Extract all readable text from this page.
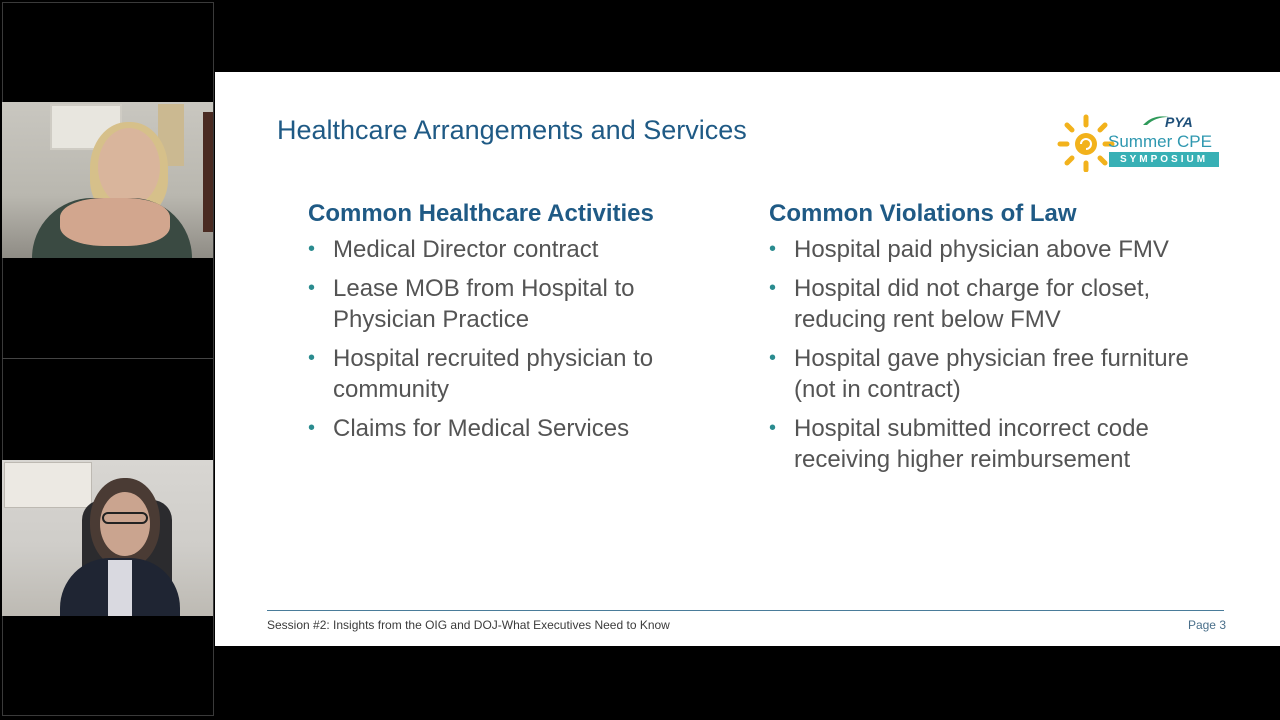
Healthcare Arrangements and Services	PYA
Summer CPE
SYMPOSIUM
Common Healthcare Activities
• Medical Director contract
• Lease MOB from Hospital to Physician Practice
• Hospital recruited physician to community
• Claims for Medical Services
Common Violations of Law
• Hospital paid physician above FMV
• Hospital did not charge for closet, reducing rent below FMV
• Hospital gave physician free furniture (not in contract)
• Hospital submitted incorrect code receiving higher reimbursement
Session #2: Insights from the OIG and DOJ-What Executives Need to Know	Page 3
